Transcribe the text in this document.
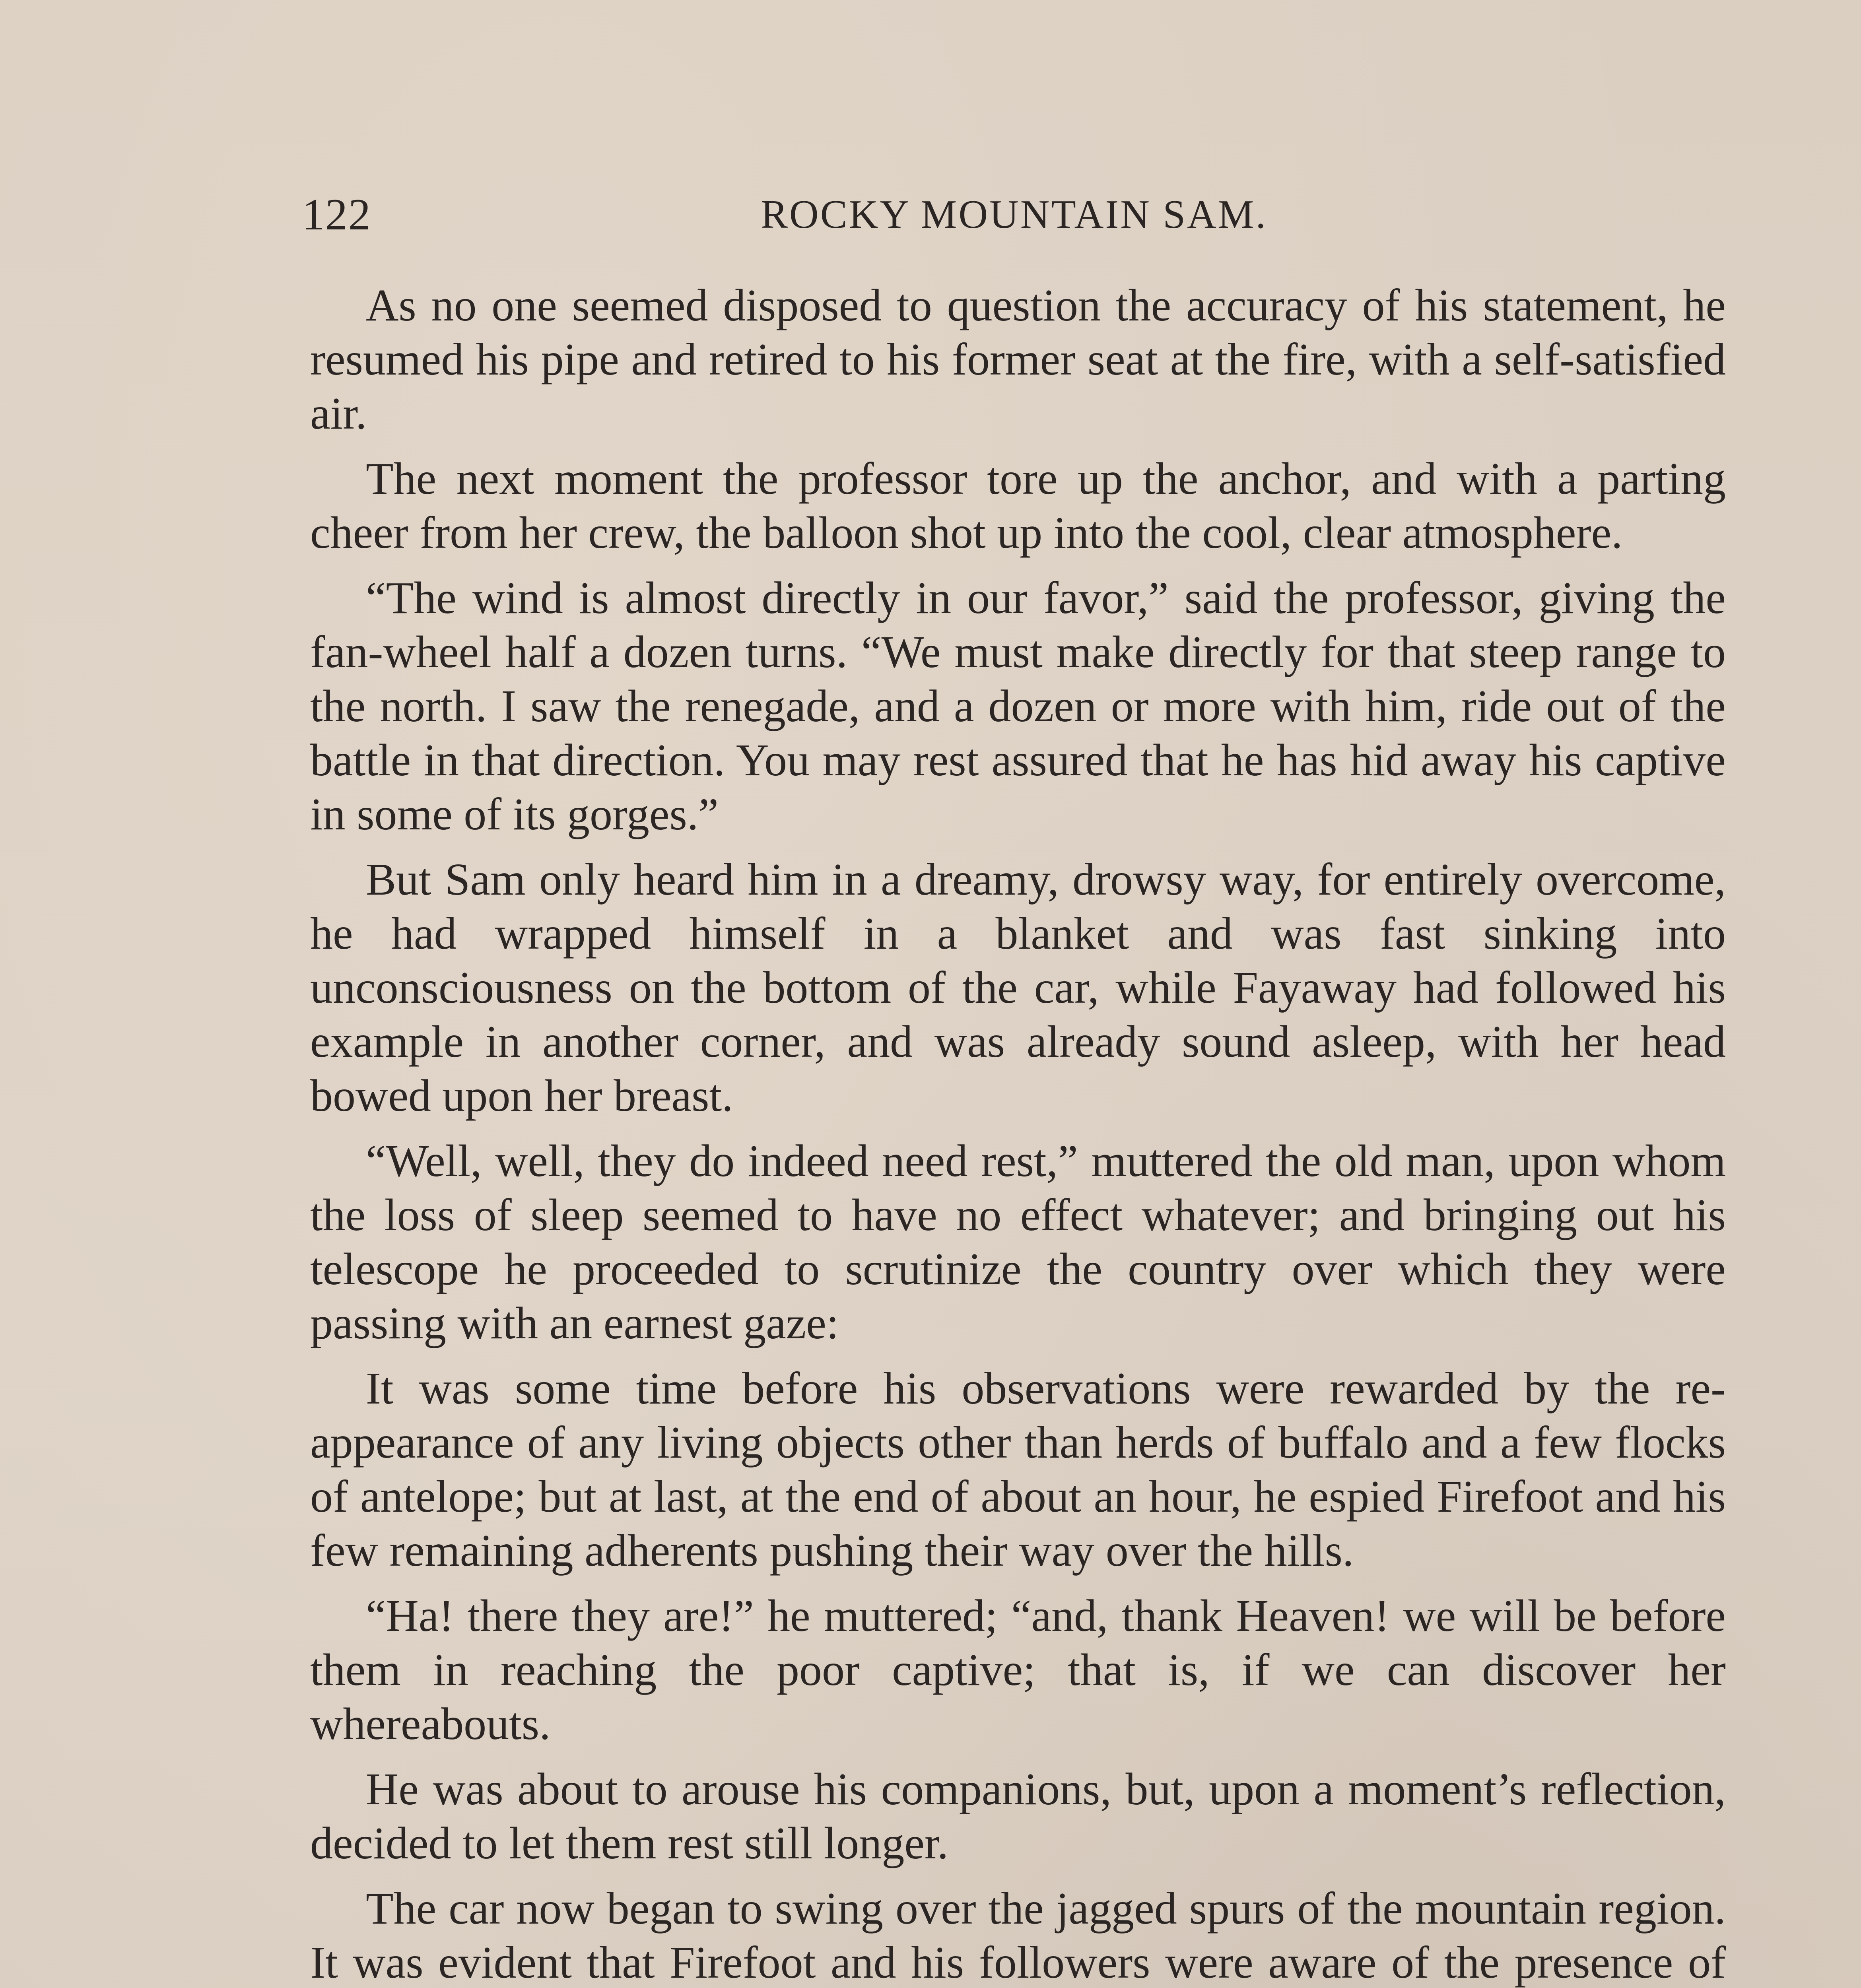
122	ROCKY MOUNTAIN SAM.

As no one seemed disposed to question the accuracy of his statement, he resumed his pipe and retired to his former seat at the fire, with a self-satisfied air.

The next moment the professor tore up the anchor, and with a parting cheer from her crew, the balloon shot up into the cool, clear atmosphere.

“The wind is almost directly in our favor,” said the professor, giving the fan-wheel half a dozen turns. “We must make directly for that steep range to the north. I saw the renegade, and a dozen or more with him, ride out of the battle in that direction. You may rest assured that he has hid away his captive in some of its gorges.”

But Sam only heard him in a dreamy, drowsy way, for entirely overcome, he had wrapped himself in a blanket and was fast sinking into unconsciousness on the bottom of the car, while Fayaway had followed his example in another corner, and was already sound asleep, with her head bowed upon her breast.

“Well, well, they do indeed need rest,” muttered the old man, upon whom the loss of sleep seemed to have no effect whatever; and bringing out his telescope he proceeded to scrutinize the country over which they were passing with an earnest gaze:

It was some time before his observations were rewarded by the re-appearance of any living objects other than herds of buffalo and a few flocks of antelope; but at last, at the end of about an hour, he espied Firefoot and his few remaining adherents pushing their way over the hills.

“Ha! there they are!” he muttered; “and, thank Heaven! we will be before them in reaching the poor captive; that is, if we can discover her whereabouts.

He was about to arouse his companions, but, upon a moment’s reflection, decided to let them rest still longer.

The car now began to swing over the jagged spurs of the mountain region. It was evident that Firefoot and his followers were aware of the presence of
